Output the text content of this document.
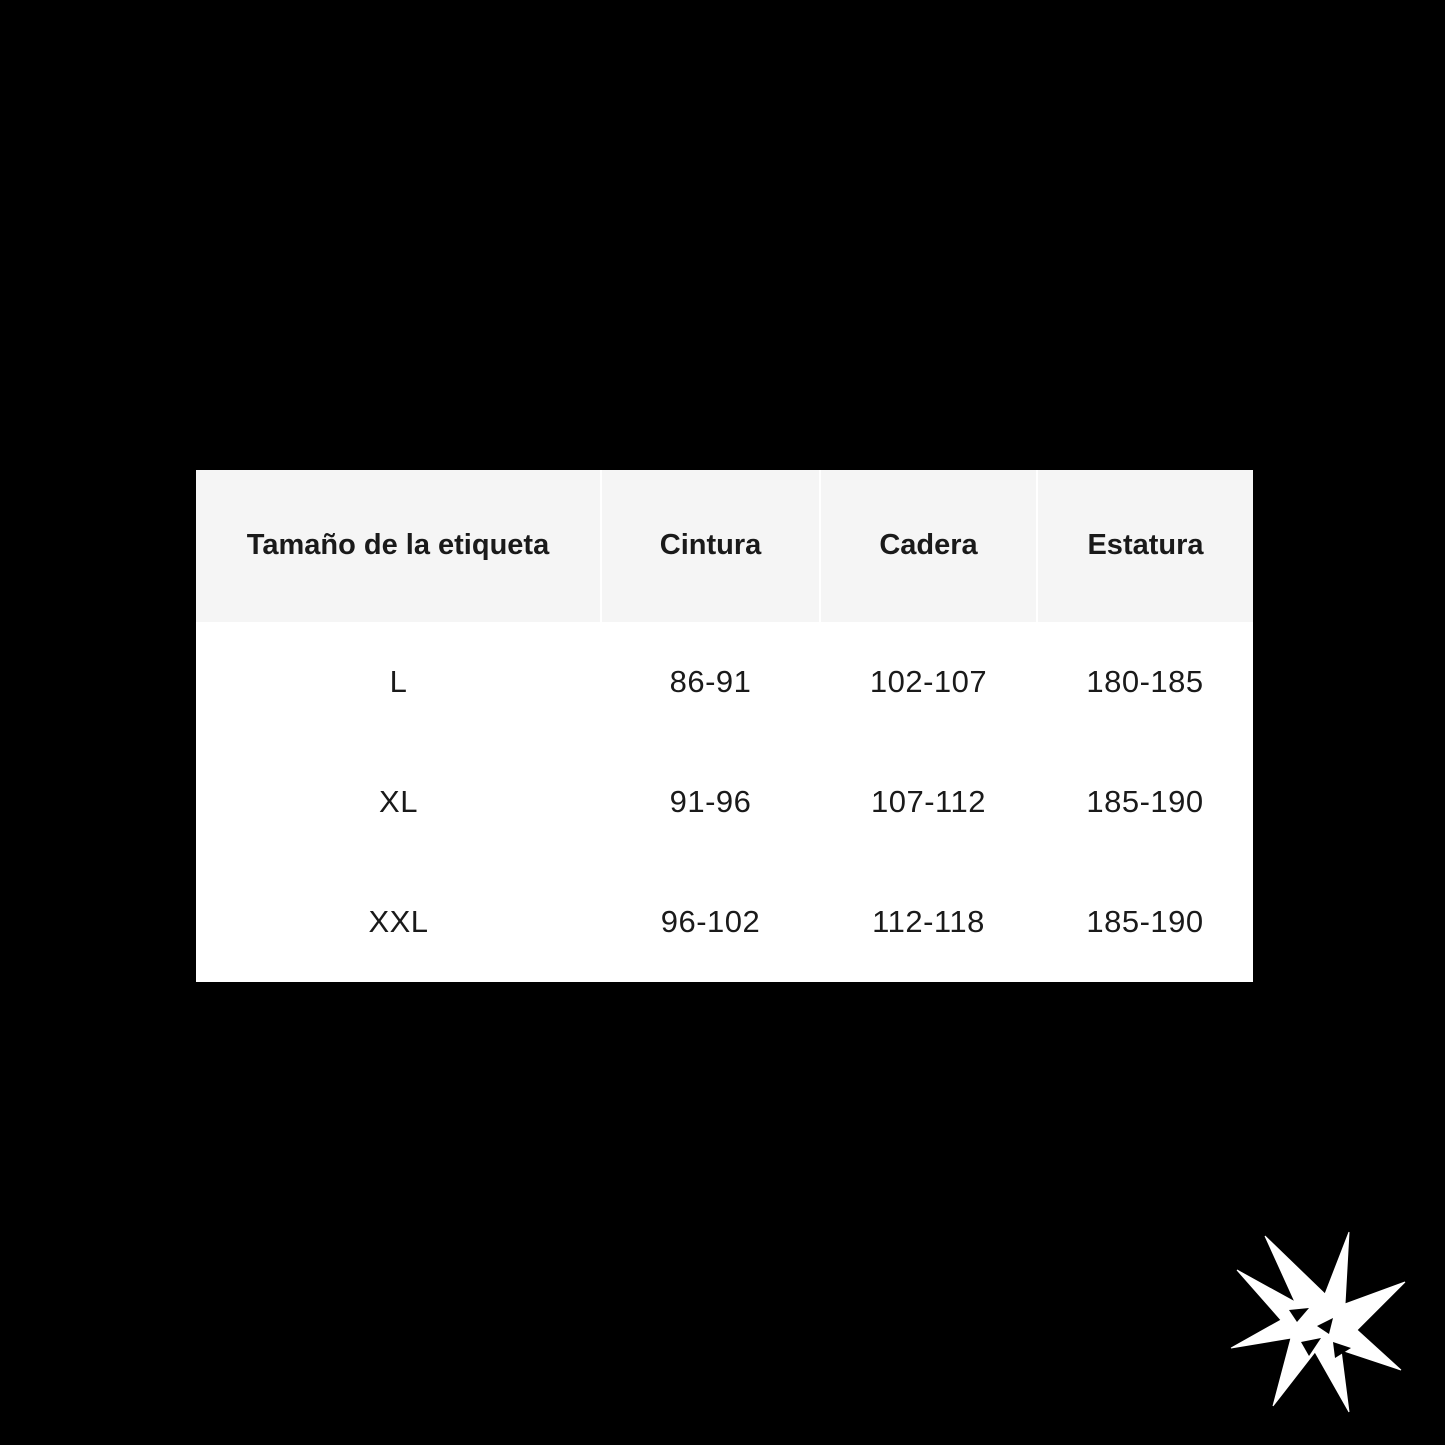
Tamaño de la etiqueta	Cintura	Cadera	Estatura
L	86-91	102-107	180-185
XL	91-96	107-112	185-190
XXL	96-102	112-118	185-190
